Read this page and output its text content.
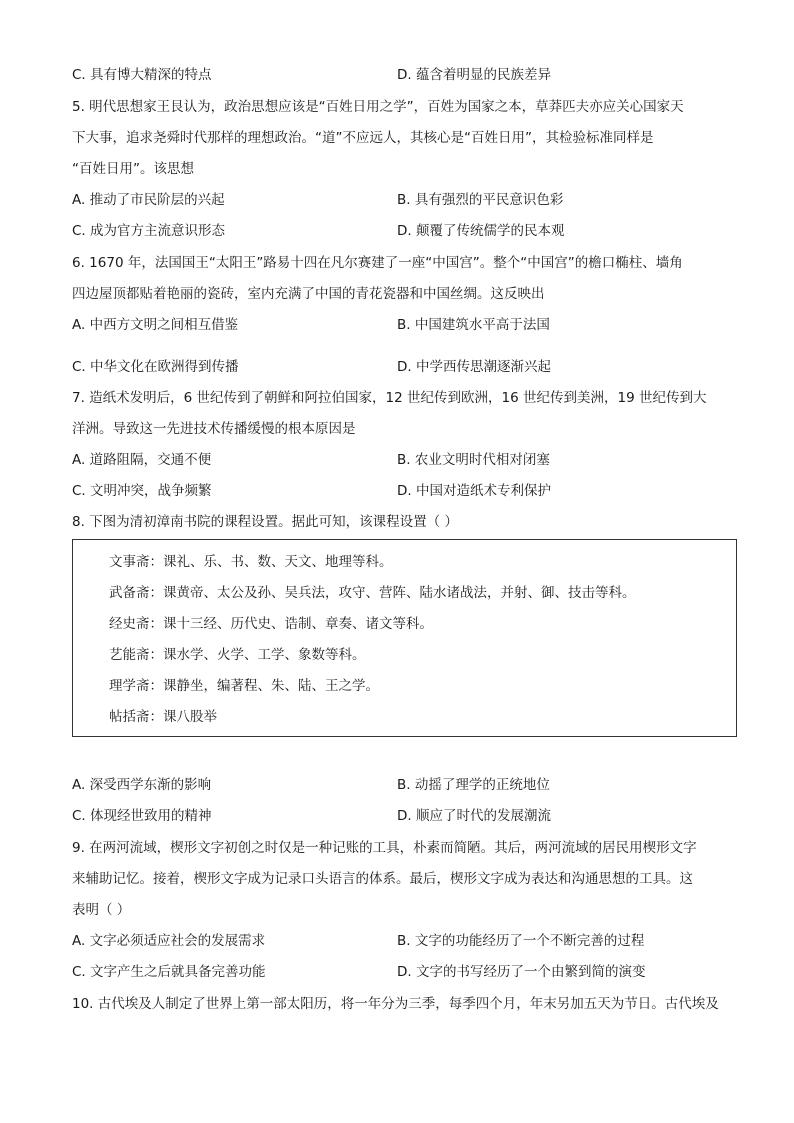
C. 具有博大精深的特点	D. 蕴含着明显的民族差异
5. 明代思想家王艮认为，政治思想应该是“百姓日用之学”，百姓为国家之本，草莽匹夫亦应关心国家天
下大事，追求尧舜时代那样的理想政治。“道”不应远人，其核心是“百姓日用”，其检验标准同样是
“百姓日用”。该思想
A. 推动了市民阶层的兴起	B. 具有强烈的平民意识色彩
C. 成为官方主流意识形态	D. 颠覆了传统儒学的民本观
6. 1670 年，法国国王“太阳王”路易十四在凡尔赛建了一座“中国宫”。整个“中国宫”的檐口椭柱、墙角
四边屋顶都贴着艳丽的瓷砖，室内充满了中国的青花瓷器和中国丝绸。这反映出
A. 中西方文明之间相互借鉴	B. 中国建筑水平高于法国
C. 中华文化在欧洲得到传播	D. 中学西传思潮逐渐兴起
7. 造纸术发明后，6 世纪传到了朝鲜和阿拉伯国家，12 世纪传到欧洲，16 世纪传到美洲，19 世纪传到大
洋洲。导致这一先进技术传播缓慢的根本原因是
A. 道路阻隔，交通不便	B. 农业文明时代相对闭塞
C. 文明冲突，战争频繁	D. 中国对造纸术专利保护
8. 下图为清初漳南书院的课程设置。据此可知，该课程设置（ ）
文事斋：课礼、乐、书、数、天文、地理等科。
武备斋：课黄帝、太公及孙、吴兵法，攻守、营阵、陆水诸战法，并射、御、技击等科。
经史斋：课十三经、历代史、诰制、章奏、诸文等科。
艺能斋：课水学、火学、工学、象数等科。
理学斋：课静坐，编著程、朱、陆、王之学。
帖括斋：课八股举
A. 深受西学东渐的影响	B. 动摇了理学的正统地位
C. 体现经世致用的精神	D. 顺应了时代的发展潮流
9. 在两河流域，楔形文字初创之时仅是一种记账的工具，朴素而简陋。其后，两河流域的居民用楔形文字
来辅助记忆。接着，楔形文字成为记录口头语言的体系。最后，楔形文字成为表达和沟通思想的工具。这
表明（ ）
A. 文字必须适应社会的发展需求	B. 文字的功能经历了一个不断完善的过程
C. 文字产生之后就具备完善功能	D. 文字的书写经历了一个由繁到简的演变
10. 古代埃及人制定了世界上第一部太阳历，将一年分为三季，每季四个月，年末另加五天为节日。古代埃及
